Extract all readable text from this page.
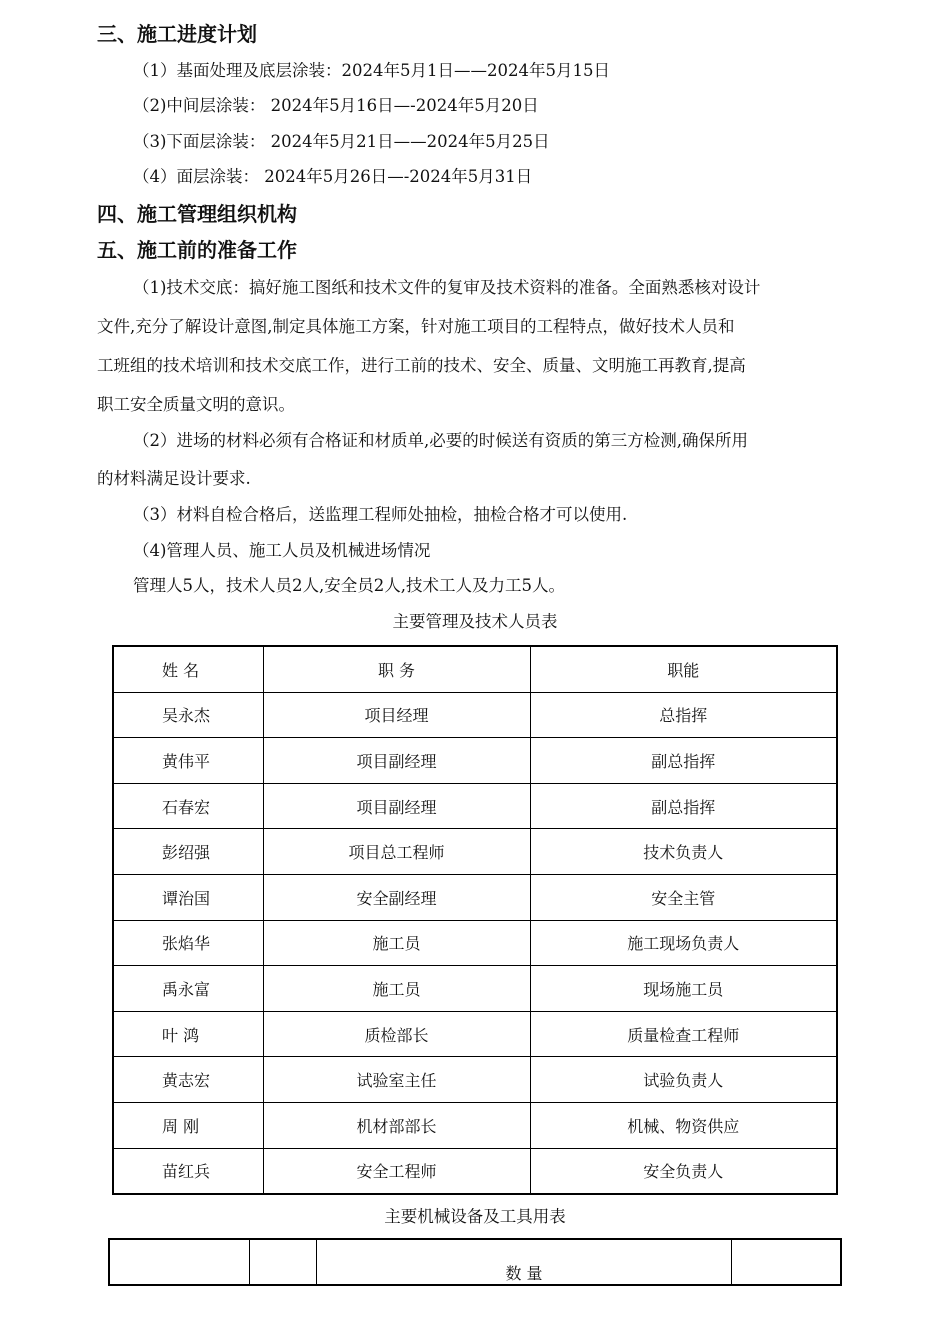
三、施工进度计划
（1）基面处理及底层涂装：2024年5月1日——2024年5月15日
（2)中间层涂装： 2024年5月16日—-2024年5月20日
（3)下面层涂装： 2024年5月21日——2024年5月25日
（4）面层涂装： 2024年5月26日—-2024年5月31日
四、施工管理组织机构
五、施工前的准备工作
（1)技术交底：搞好施工图纸和技术文件的复审及技术资料的准备。全面熟悉核对设计
文件,充分了解设计意图,制定具体施工方案，针对施工项目的工程特点，做好技术人员和
工班组的技术培训和技术交底工作，进行工前的技术、安全、质量、文明施工再教育,提高
职工安全质量文明的意识。
（2）进场的材料必须有合格证和材质单,必要的时候送有资质的第三方检测,确保所用
的材料满足设计要求.
（3）材料自检合格后，送监理工程师处抽检，抽检合格才可以使用.
（4)管理人员、施工人员及机械进场情况
管理人5人，技术人员2人,安全员2人,技术工人及力工5人。
主要管理及技术人员表
姓 名	职 务	职能
吴永杰	项目经理	总指挥
黄伟平	项目副经理	副总指挥
石春宏	项目副经理	副总指挥
彭绍强	项目总工程师	技术负责人
谭治国	安全副经理	安全主管
张焰华	施工员	施工现场负责人
禹永富	施工员	现场施工员
叶 鸿	质检部长	质量检查工程师
黄志宏	试验室主任	试验负责人
周 刚	机材部部长	机械、物资供应
苗红兵	安全工程师	安全负责人
主要机械设备及工具用表
		数 量	
